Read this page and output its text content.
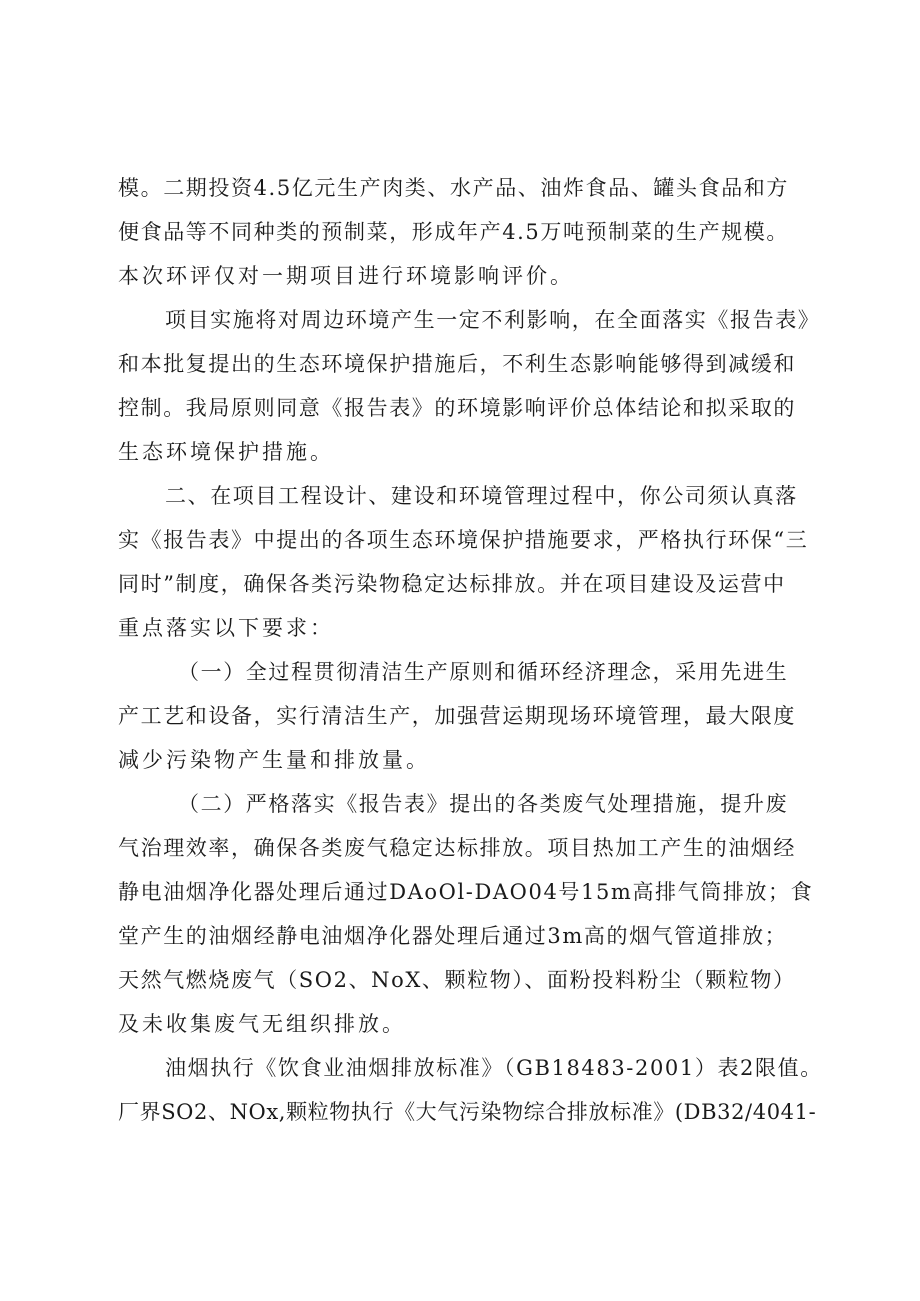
模。二期投资4.5亿元生产肉类、水产品、油炸食品、罐头食品和方
便食品等不同种类的预制菜，形成年产4.5万吨预制菜的生产规模。
本次环评仅对一期项目进行环境影响评价。
项目实施将对周边环境产生一定不利影响，在全面落实《报告表》
和本批复提出的生态环境保护措施后，不利生态影响能够得到减缓和
控制。我局原则同意《报告表》的环境影响评价总体结论和拟采取的
生态环境保护措施。
二、在项目工程设计、建设和环境管理过程中，你公司须认真落
实《报告表》中提出的各项生态环境保护措施要求，严格执行环保“三
同时”制度，确保各类污染物稳定达标排放。并在项目建设及运营中
重点落实以下要求：
（一）全过程贯彻清洁生产原则和循环经济理念，采用先进生
产工艺和设备，实行清洁生产，加强营运期现场环境管理，最大限度
减少污染物产生量和排放量。
（二）严格落实《报告表》提出的各类废气处理措施，提升废
气治理效率，确保各类废气稳定达标排放。项目热加工产生的油烟经
静电油烟净化器处理后通过DAoOl-DAO04号15m高排气筒排放；食
堂产生的油烟经静电油烟净化器处理后通过3m高的烟气管道排放；
天然气燃烧废气（SO2、NoX、颗粒物）、面粉投料粉尘（颗粒物）
及未收集废气无组织排放。
油烟执行《饮食业油烟排放标准》（GB18483-2001）表2限值。
厂界SO2、NOx,颗粒物执行《大气污染物综合排放标准》(DB32/4041-
